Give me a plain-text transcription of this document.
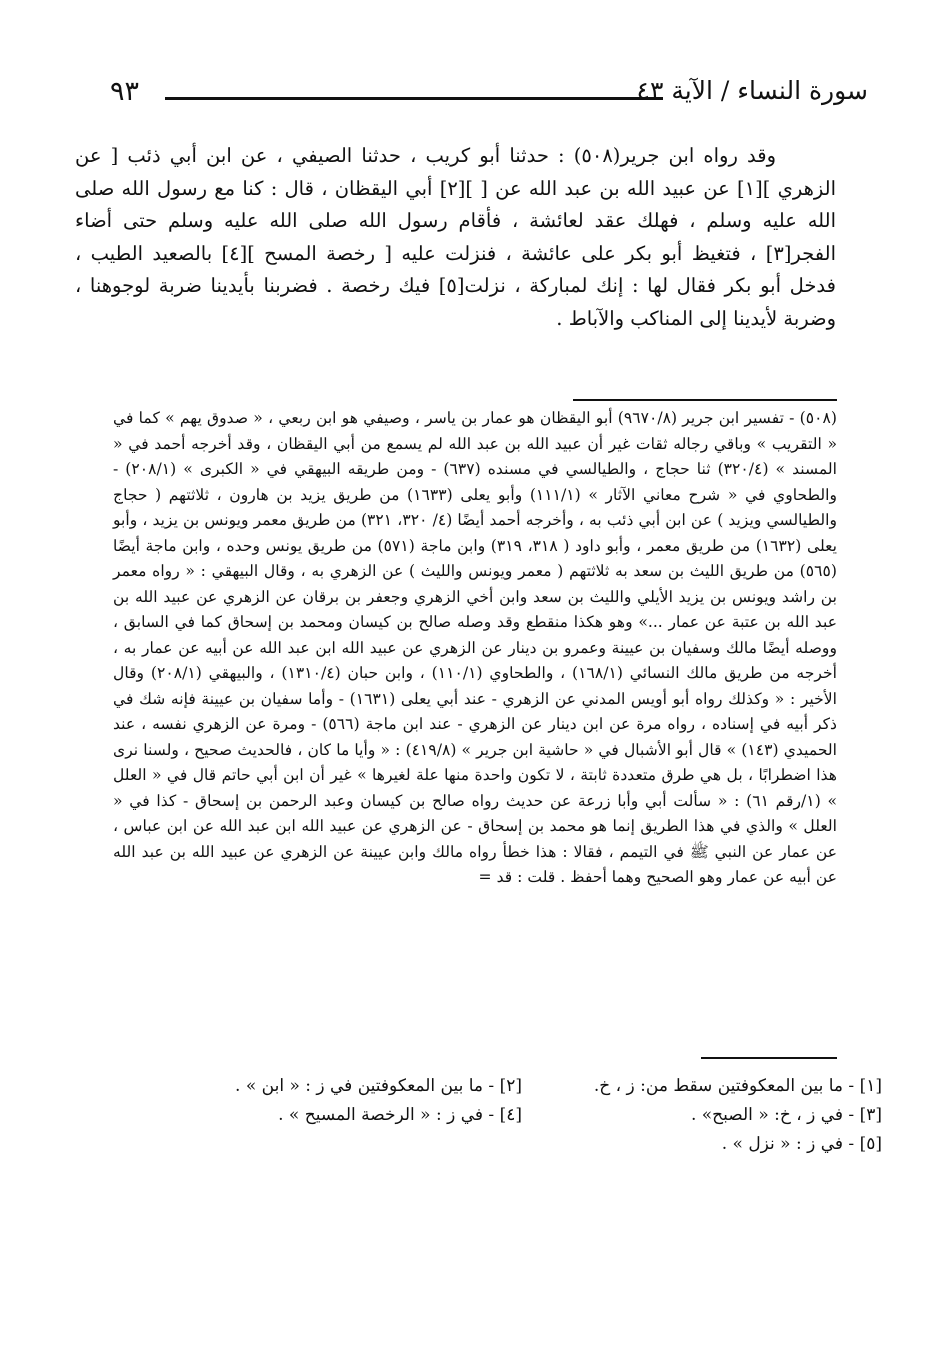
سورة النساء / الآية ٤٣
٩٣

وقد رواه ابن جرير(٥٠٨) : حدثنا أبو كريب ، حدثنا الصيفي ، عن ابن أبي ذئب [ عن الزهري ][١] عن عبيد الله بن عبد الله عن [ ][٢] أبي اليقظان ، قال : كنا مع رسول الله صلى الله عليه وسلم ، فهلك عقد لعائشة ، فأقام رسول الله صلى الله عليه وسلم حتى أضاء الفجر[٣] ، فتغيظ أبو بكر على عائشة ، فنزلت عليه [ رخصة المسح ][٤] بالصعيد الطيب ، فدخل أبو بكر فقال لها : إنك لمباركة ، نزلت[٥] فيك رخصة . فضربنا بأيدينا ضربة لوجوهنا ، وضربة لأيدينا إلى المناكب والآباط .

(٥٠٨) - تفسير ابن جرير (٩٦٧٠/٨) أبو اليقظان هو عمار بن ياسر ، وصيفي هو ابن ربعي ، « صدوق يهم » كما في « التقريب » وباقي رجاله ثقات غير أن عبيد الله بن عبد الله لم يسمع من أبي اليقظان ، وقد أخرجه أحمد في « المسند » (٣٢٠/٤) ثنا حجاج ، والطيالسي في مسنده (٦٣٧) - ومن طريقه البيهقي في « الكبرى » (٢٠٨/١) - والطحاوي في « شرح معاني الآثار » (١١١/١) وأبو يعلى (١٦٣٣) من طريق يزيد بن هارون ، ثلاثتهم ( حجاج والطيالسي ويزيد ) عن ابن أبي ذئب به ، وأخرجه أحمد أيضًا (٤/ ٣٢٠، ٣٢١) من طريق معمر ويونس بن يزيد ، وأبو يعلى (١٦٣٢) من طريق معمر ، وأبو داود ( ٣١٨، ٣١٩) وابن ماجة (٥٧١) من طريق يونس وحده ، وابن ماجة أيضًا (٥٦٥) من طريق الليث بن سعد به ثلاثتهم ( معمر ويونس والليث ) عن الزهري به ، وقال البيهقي : « رواه معمر بن راشد ويونس بن يزيد الأيلي والليث بن سعد وابن أخي الزهري وجعفر بن برقان عن الزهري عن عبيد الله بن عبد الله بن عتبة عن عمار ...» وهو هكذا منقطع وقد وصله صالح بن كيسان ومحمد بن إسحاق كما في السابق ، ووصله أيضًا مالك وسفيان بن عيينة وعمرو بن دينار عن الزهري عن عبيد الله ابن عبد الله عن أبيه عن عمار به ، أخرجه من طريق مالك النسائي (١٦٨/١) ، والطحاوي (١١٠/١) ، وابن حبان (١٣١٠/٤) ، والبيهقي (٢٠٨/١) وقال الأخير : « وكذلك رواه أبو أويس المدني عن الزهري - عند أبي يعلى (١٦٣١) - وأما سفيان بن عيينة فإنه شك في ذكر أبيه في إسناده ، رواه مرة عن ابن دينار عن الزهري - عند ابن ماجة (٥٦٦) - ومرة عن الزهري نفسه ، عند الحميدي (١٤٣) » قال أبو الأشبال في « حاشية ابن جرير » (٤١٩/٨) : « وأيا ما كان ، فالحديث صحيح ، ولسنا نرى هذا اضطرابًا ، بل هي طرق متعددة ثابتة ، لا تكون واحدة منها علة لغيرها » غير أن ابن أبي حاتم قال في « العلل » (١/رقم ٦١) : « سألت أبي وأبا زرعة عن حديث رواه صالح بن كيسان وعبد الرحمن بن إسحاق - كذا في « العلل » والذي في هذا الطريق إنما هو محمد بن إسحاق - عن الزهري عن عبيد الله ابن عبد الله عن ابن عباس ، عن عمار عن النبي ﷺ في التيمم ، فقالا : هذا خطأ رواه مالك وابن عيينة عن الزهري عن عبيد الله بن عبد الله عن أبيه عن عمار وهو الصحيح وهما أحفظ . قلت : قد =

[١] - ما بين المعكوفتين سقط من: ز ، خ.
[٢] - ما بين المعكوفتين في ز : « ابن » .
[٣] - في ز ، خ: « الصبح» .
[٤] - في ز : « الرخصة المسيح » .
[٥] - في ز : « نزل » .
